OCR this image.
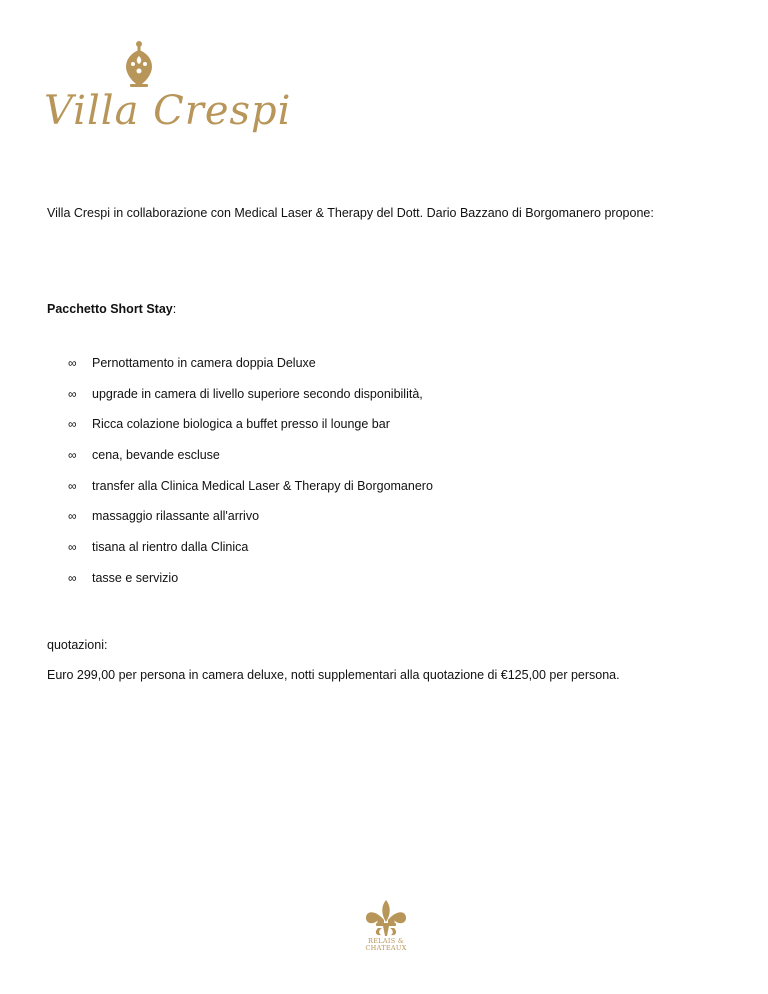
Villa Crespi
Villa Crespi in collaborazione con Medical Laser & Therapy del Dott. Dario Bazzano di Borgomanero propone:
Pacchetto Short Stay:
∞ Pernottamento in camera doppia Deluxe
∞ upgrade in camera di livello superiore secondo disponibilità,
∞ Ricca colazione biologica a buffet presso il lounge bar
∞ cena, bevande escluse
∞ transfer alla Clinica Medical Laser & Therapy di Borgomanero
∞ massaggio rilassante all'arrivo
∞ tisana al rientro dalla Clinica
∞ tasse e servizio
quotazioni:
Euro 299,00 per persona in camera deluxe, notti supplementari alla quotazione di €125,00 per persona.
RELAIS &
CHATEAUX
